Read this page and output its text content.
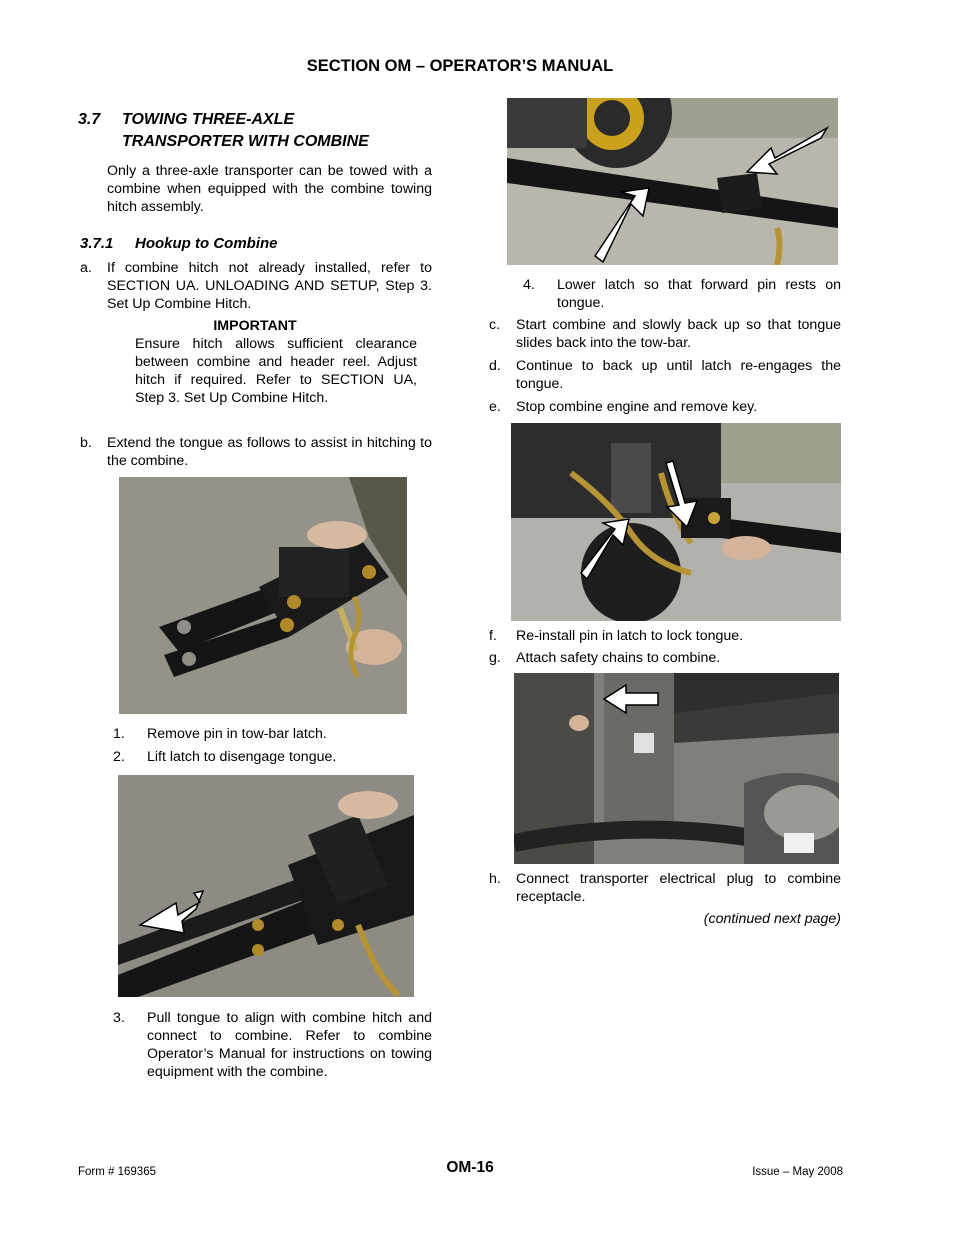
SECTION OM – OPERATOR’S MANUAL
3.7 TOWING THREE-AXLE
TRANSPORTER WITH COMBINE
Only a three-axle transporter can be towed with a combine when equipped with the combine towing hitch assembly.
3.7.1 Hookup to Combine
a. If combine hitch not already installed, refer to SECTION UA. UNLOADING AND SETUP, Step 3. Set Up Combine Hitch.
IMPORTANT
Ensure hitch allows sufficient clearance between combine and header reel. Adjust hitch if required. Refer to SECTION UA, Step 3. Set Up Combine Hitch.
b. Extend the tongue as follows to assist in hitching to the combine.
1. Remove pin in tow-bar latch.
2. Lift latch to disengage tongue.
3. Pull tongue to align with combine hitch and connect to combine. Refer to combine Operator’s Manual for instructions on towing equipment with the combine.
4. Lower latch so that forward pin rests on tongue.
c. Start combine and slowly back up so that tongue slides back into the tow-bar.
d. Continue to back up until latch re-engages the tongue.
e. Stop combine engine and remove key.
f. Re-install pin in latch to lock tongue.
g. Attach safety chains to combine.
h. Connect transporter electrical plug to combine receptacle.
(continued next page)
Form # 169365	OM-16	Issue – May 2008
